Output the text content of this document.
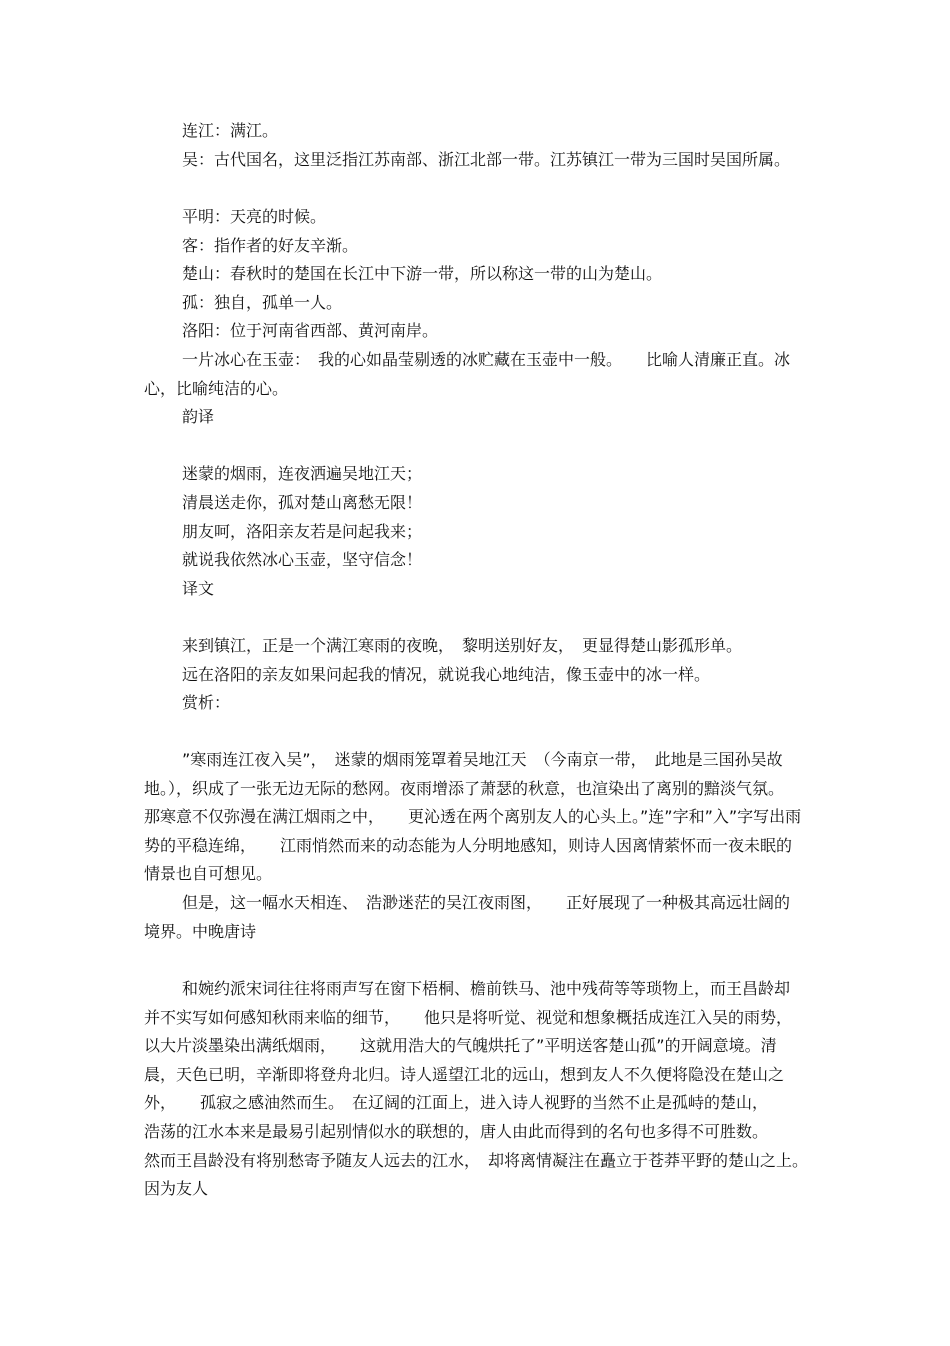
连江：满江。

吴：古代国名，这里泛指江苏南部、浙江北部一带。江苏镇江一带为三国时吴国所属。

平明：天亮的时候。

客：指作者的好友辛渐。

楚山：春秋时的楚国在长江中下游一带，所以称这一带的山为楚山。

孤：独自，孤单一人。

洛阳：位于河南省西部、黄河南岸。

一片冰心在玉壶：　我的心如晶莹剔透的冰贮藏在玉壶中一般。　　比喻人清廉正直。冰心，比喻纯洁的心。

韵译

迷蒙的烟雨，连夜洒遍吴地江天；

清晨送走你，孤对楚山离愁无限！

朋友呵，洛阳亲友若是问起我来；

就说我依然冰心玉壶，坚守信念！

译文

来到镇江，正是一个满江寒雨的夜晚，　黎明送别好友，　更显得楚山影孤形单。

远在洛阳的亲友如果问起我的情况，就说我心地纯洁，像玉壶中的冰一样。

赏析：

”寒雨连江夜入吴”，　迷蒙的烟雨笼罩着吴地江天　（今南京一带，　此地是三国孙吴故地。），织成了一张无边无际的愁网。夜雨增添了萧瑟的秋意，也渲染出了离别的黯淡气氛。　那寒意不仅弥漫在满江烟雨之中，　　更沁透在两个离别友人的心头上。”连”字和”入”字写出雨势的平稳连绵，　　江雨悄然而来的动态能为人分明地感知，则诗人因离情萦怀而一夜未眠的情景也自可想见。

但是，这一幅水天相连、　浩渺迷茫的吴江夜雨图，　　正好展现了一种极其高远壮阔的境界。中晚唐诗

和婉约派宋词往往将雨声写在窗下梧桐、檐前铁马、池中残荷等等琐物上，而王昌龄却并不实写如何感知秋雨来临的细节，　　他只是将听觉、视觉和想象概括成连江入吴的雨势，　以大片淡墨染出满纸烟雨，　　这就用浩大的气魄烘托了”平明送客楚山孤”的开阔意境。清晨，天色已明，辛渐即将登舟北归。诗人遥望江北的远山，想到友人不久便将隐没在楚山之外，　　孤寂之感油然而生。　在辽阔的江面上，进入诗人视野的当然不止是孤峙的楚山，　　浩荡的江水本来是最易引起别情似水的联想的，唐人由此而得到的名句也多得不可胜数。　　　然而王昌龄没有将别愁寄予随友人远去的江水，　却将离情凝注在矗立于苍莽平野的楚山之上。　　因为友人
